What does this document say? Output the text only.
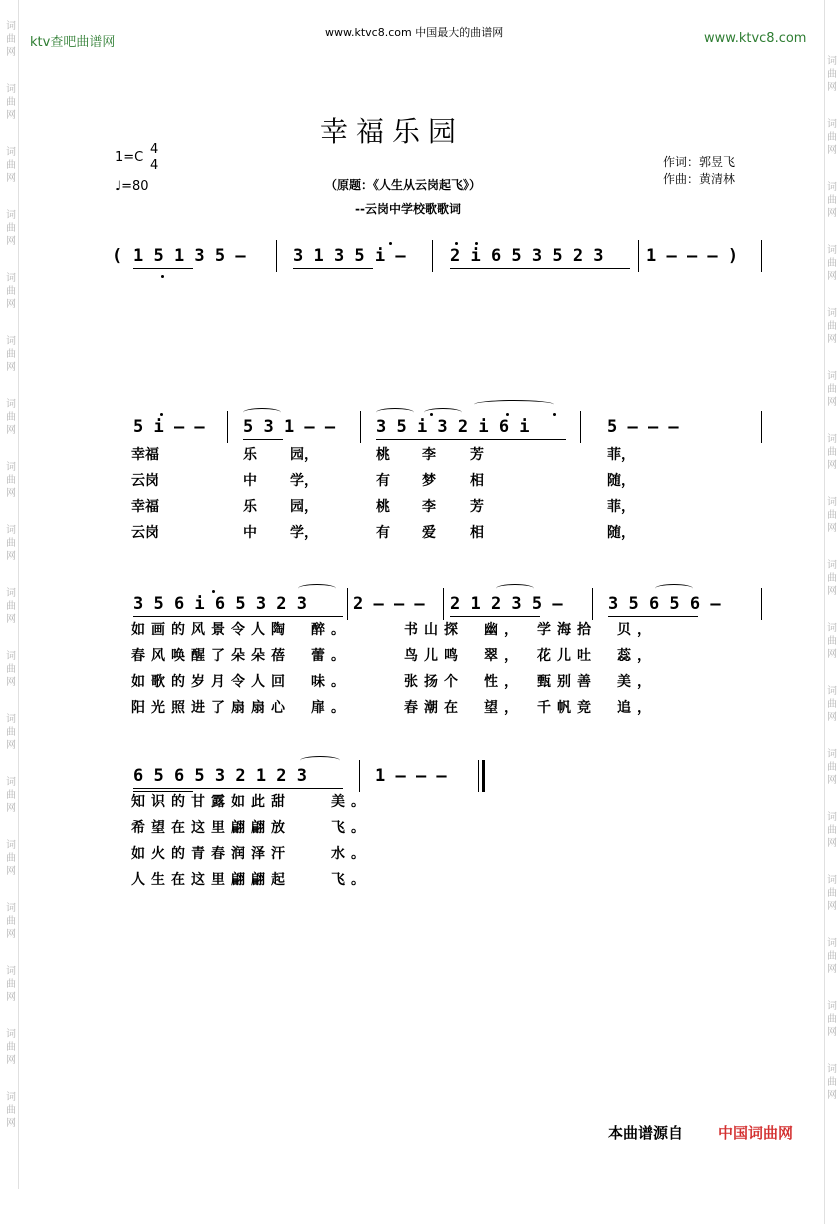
词
曲
网
词
曲
网
词
曲
网
词
曲
网
词
曲
网
词
曲
网
词
曲
网
词
曲
网
词
曲
网
词
曲
网
词
曲
网
词
曲
网
词
曲
网
词
曲
网
词
曲
网
词
曲
网
词
曲
网
词
曲
网
词
曲
网
词
曲
网
词
曲
网
词
曲
网
词
曲
网
词
曲
网
词
曲
网
词
曲
网
词
曲
网
词
曲
网
词
曲
网
词
曲
网
词
曲
网
词
曲
网
词
曲
网
词
曲
网
词
曲
网
ktv查吧曲谱网
www.ktvc8.com 中国最大的曲谱网	www.ktvc8.com
幸福乐园
1=C
4
4
♩=80	（原题：《人生从云岗起飞》）
--云岗中学校歌歌词
作词：郭昱飞
作曲：黄清林
( 1 5 1 3 5 –	3 1 3 5 i –	2 i 6 5 3 5 2 3 1 – – – )
5 i – – 5 3 1 – – 3 5 i 3 2 i 6 i	5 – – –
幸福	乐 园，	桃 李 芳	菲，
云岗	中 学，	有 梦 相	随，
幸福	乐 园，	桃 李 芳	菲，
云岗	中 学，	有 爱 相	随，
3 5 6 i 6 5 3 2 3	2 – – – 2 1 2 3 5 –	3 5 6 5 6 –
如画的风景令人陶　醉。　　　书山探　幽，　学海拾　贝，
春风唤醒了朵朵蓓　蕾。　　　鸟儿鸣　翠，　花儿吐　蕊，
如歌的岁月令人回　味。　　　张扬个　性，　甄别善　美，
阳光照进了扇扇心　扉。　　　春潮在　望，　千帆竞　追，
6 5 6 5 3 2 1 2 3	1 – – –
知识的甘露如此甜　　美。
希望在这里翩翩放　　飞。
如火的青春润泽汗　　水。
人生在这里翩翩起　　飞。
本曲谱源自 中国词曲网
